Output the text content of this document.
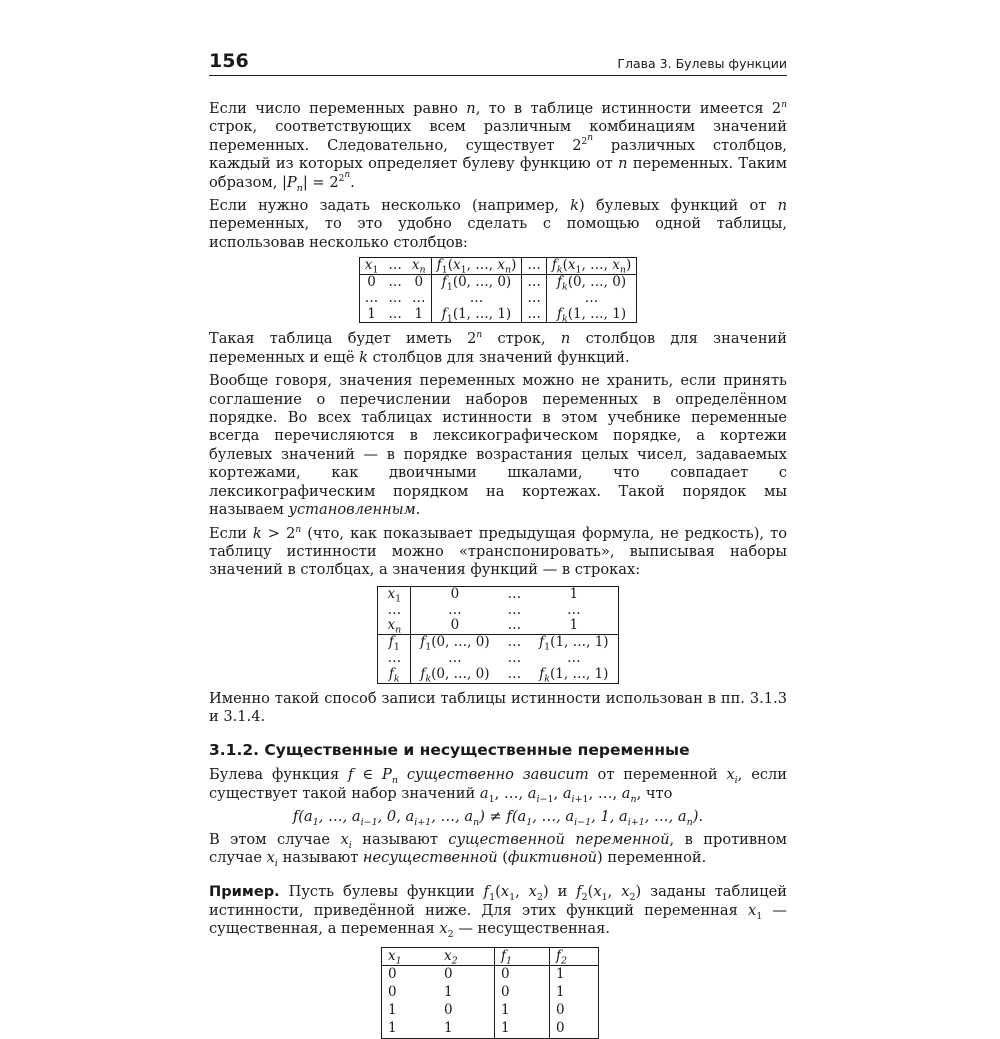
156	Глава 3. Булевы функции

Если число переменных равно n, то в таблице истинности имеется 2$^n$ строк, соответствующих всем различным комбинациям значений переменных. Следовательно, существует $2^{2^n}$ различных столбцов, каждый из которых определяет булеву функцию от n переменных. Таким образом, $|P_n| = 2^{2^n}$.

Если нужно задать несколько (например, k) булевых функций от n переменных, то это удобно сделать с помощью одной таблицы, использовав несколько столбцов:

$x_1$	…	$x_n$	$f_1(x_1$, …, $x_n$)	…	$f_k(x_1$, …, $x_n$)
0	…	0	$f_1(0$, …, 0)	…	$f_k(0$, …, 0)
…	…	…	…	…	…
1	…	1	$f_1(1$, …, 1)	…	$f_k(1$, …, 1)

Такая таблица будет иметь 2$^n$ строк, n столбцов для значений переменных и ещё k столбцов для значений функций.

Вообще говоря, значения переменных можно не хранить, если принять соглашение о перечислении наборов переменных в определённом порядке. Во всех таблицах истинности в этом учебнике переменные всегда перечисляются в лексикографическом порядке, а кортежи булевых значений — в порядке возрастания целых чисел, задаваемых кортежами, как двоичными шкалами, что совпадает с лексикографическим порядком на кортежах. Такой порядок мы называем установленным.

Если $k > 2^n$ (что, как показывает предыдущая формула, не редкость), то таблицу истинности можно «транспонировать», выписывая наборы значений в столбцах, а значения функций — в строках:

$x_1$	0	…	1
…	…	…	…
$x_n$	0	…	1
$f_1$	$f_1(0$, …, 0)	…	$f_1(1$, …, 1)
…	…	…	…
$f_k$	$f_k(0$, …, 0)	…	$f_k(1$, …, 1)

Именно такой способ записи таблицы истинности использован в пп. 3.1.3 и 3.1.4.

3.1.2. Существенные и несущественные переменные

Булева функция f ∈ $P_n$ существенно зависит от переменной $x_i$, если существует такой набор значений $a_1$, …, $a_{i-1}$, $a_{i+1}$, …, $a_n$, что

$f(a_1$, …, $a_{i-1}$, 0, $a_{i+1}$, …, $a_n) \ne f(a_1$, …, $a_{i-1}$, 1, $a_{i+1}$, …, $a_n$).

В этом случае $x_i$ называют существенной переменной, в противном случае $x_i$ называют несущественной (фиктивной) переменной.

Пример. Пусть булевы функции $f_1(x_1$, $x_2$) и $f_2(x_1$, $x_2$) заданы таблицей истинности, приведённой ниже. Для этих функций переменная $x_1$ — существенная, а переменная $x_2$ — несущественная.

$x_1$	$x_2$	$f_1$	$f_2$
0	0	0	1
0	1	0	1
1	0	1	0
1	1	1	0
